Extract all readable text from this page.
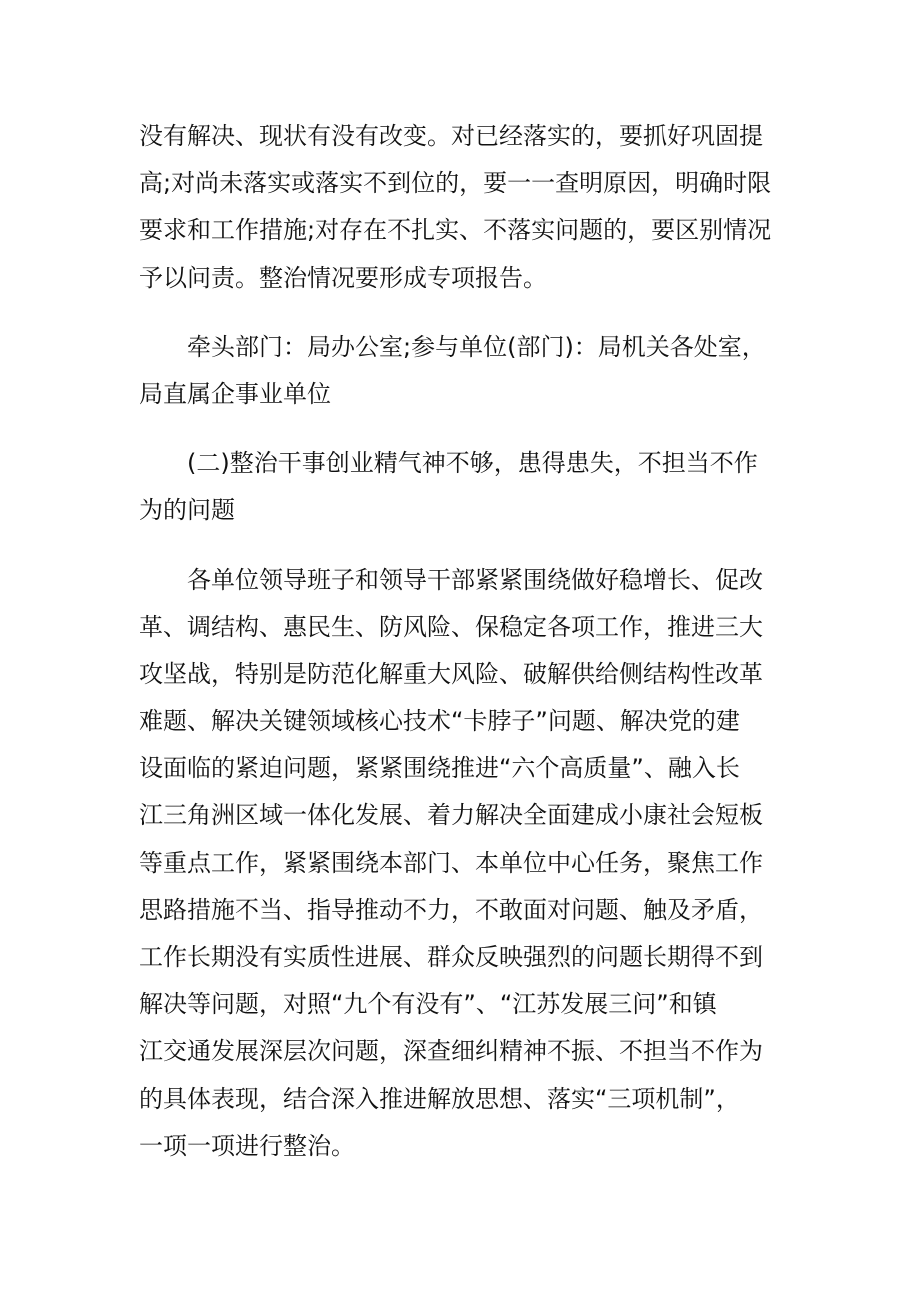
没有解决、现状有没有改变。对已经落实的，要抓好巩固提
高;对尚未落实或落实不到位的，要一一查明原因，明确时限
要求和工作措施;对存在不扎实、不落实问题的，要区别情况
予以问责。整治情况要形成专项报告。
牵头部门：局办公室;参与单位(部门)：局机关各处室，
局直属企事业单位
(二)整治干事创业精气神不够，患得患失，不担当不作
为的问题
各单位领导班子和领导干部紧紧围绕做好稳增长、促改
革、调结构、惠民生、防风险、保稳定各项工作，推进三大
攻坚战，特别是防范化解重大风险、破解供给侧结构性改革
难题、解决关键领域核心技术“卡脖子”问题、解决党的建
设面临的紧迫问题，紧紧围绕推进“六个高质量”、融入长
江三角洲区域一体化发展、着力解决全面建成小康社会短板
等重点工作，紧紧围绕本部门、本单位中心任务，聚焦工作
思路措施不当、指导推动不力，不敢面对问题、触及矛盾，
工作长期没有实质性进展、群众反映强烈的问题长期得不到
解决等问题，对照“九个有没有”、“江苏发展三问”和镇
江交通发展深层次问题，深查细纠精神不振、不担当不作为
的具体表现，结合深入推进解放思想、落实“三项机制”，
一项一项进行整治。
